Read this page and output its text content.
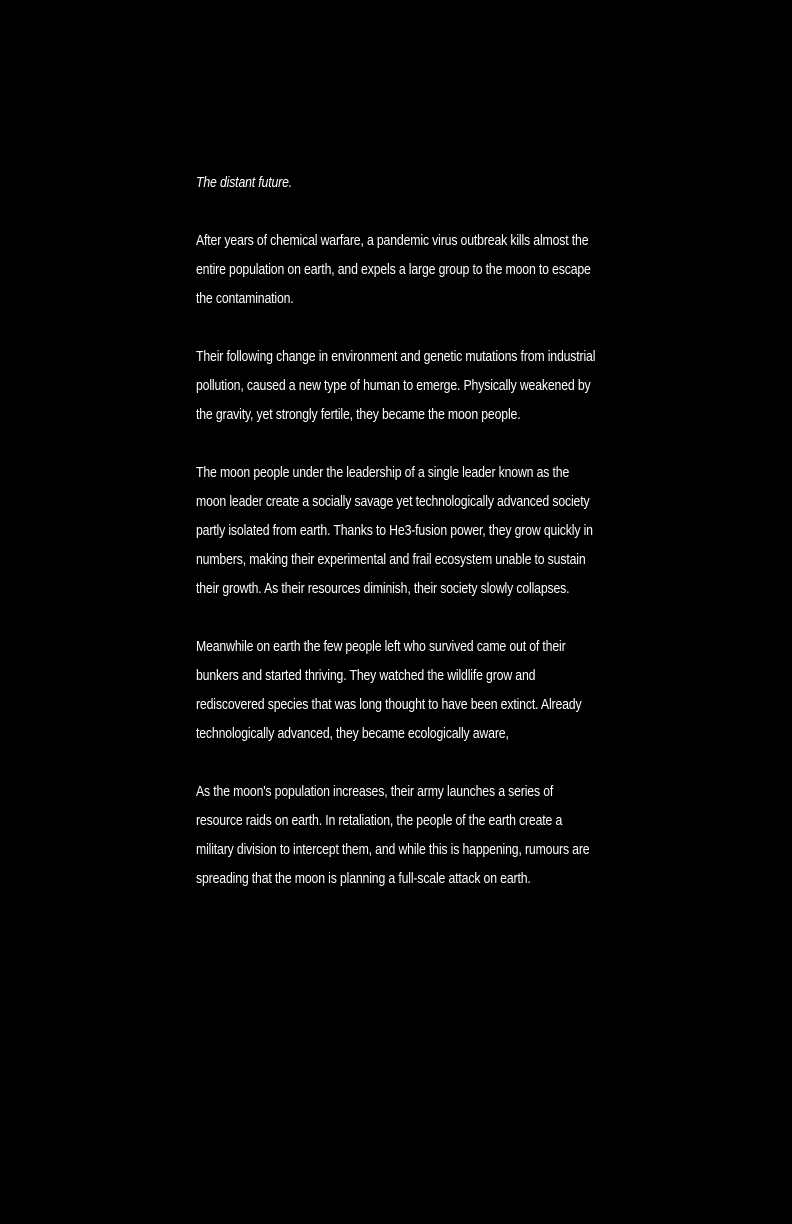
The distant future.

After years of chemical warfare, a pandemic virus outbreak kills almost the entire population on earth, and expels a large group to the moon to escape the contamination.

Their following change in environment and genetic mutations from industrial pollution, caused a new type of human to emerge. Physically weakened by the gravity, yet strongly fertile, they became the moon people.

The moon people under the leadership of a single leader known as the moon leader create a socially savage yet technologically advanced society partly isolated from earth. Thanks to He3-fusion power, they grow quickly in numbers, making their experimental and frail ecosystem unable to sustain their growth. As their resources diminish, their society slowly collapses.

Meanwhile on earth the few people left who survived came out of their bunkers and started thriving. They watched the wildlife grow and rediscovered species that was long thought to have been extinct. Already technologically advanced, they became ecologically aware,

As the moon's population increases, their army launches a series of resource raids on earth. In retaliation, the people of the earth create a military division to intercept them, and while this is happening, rumours are spreading that the moon is planning a full-scale attack on earth.
